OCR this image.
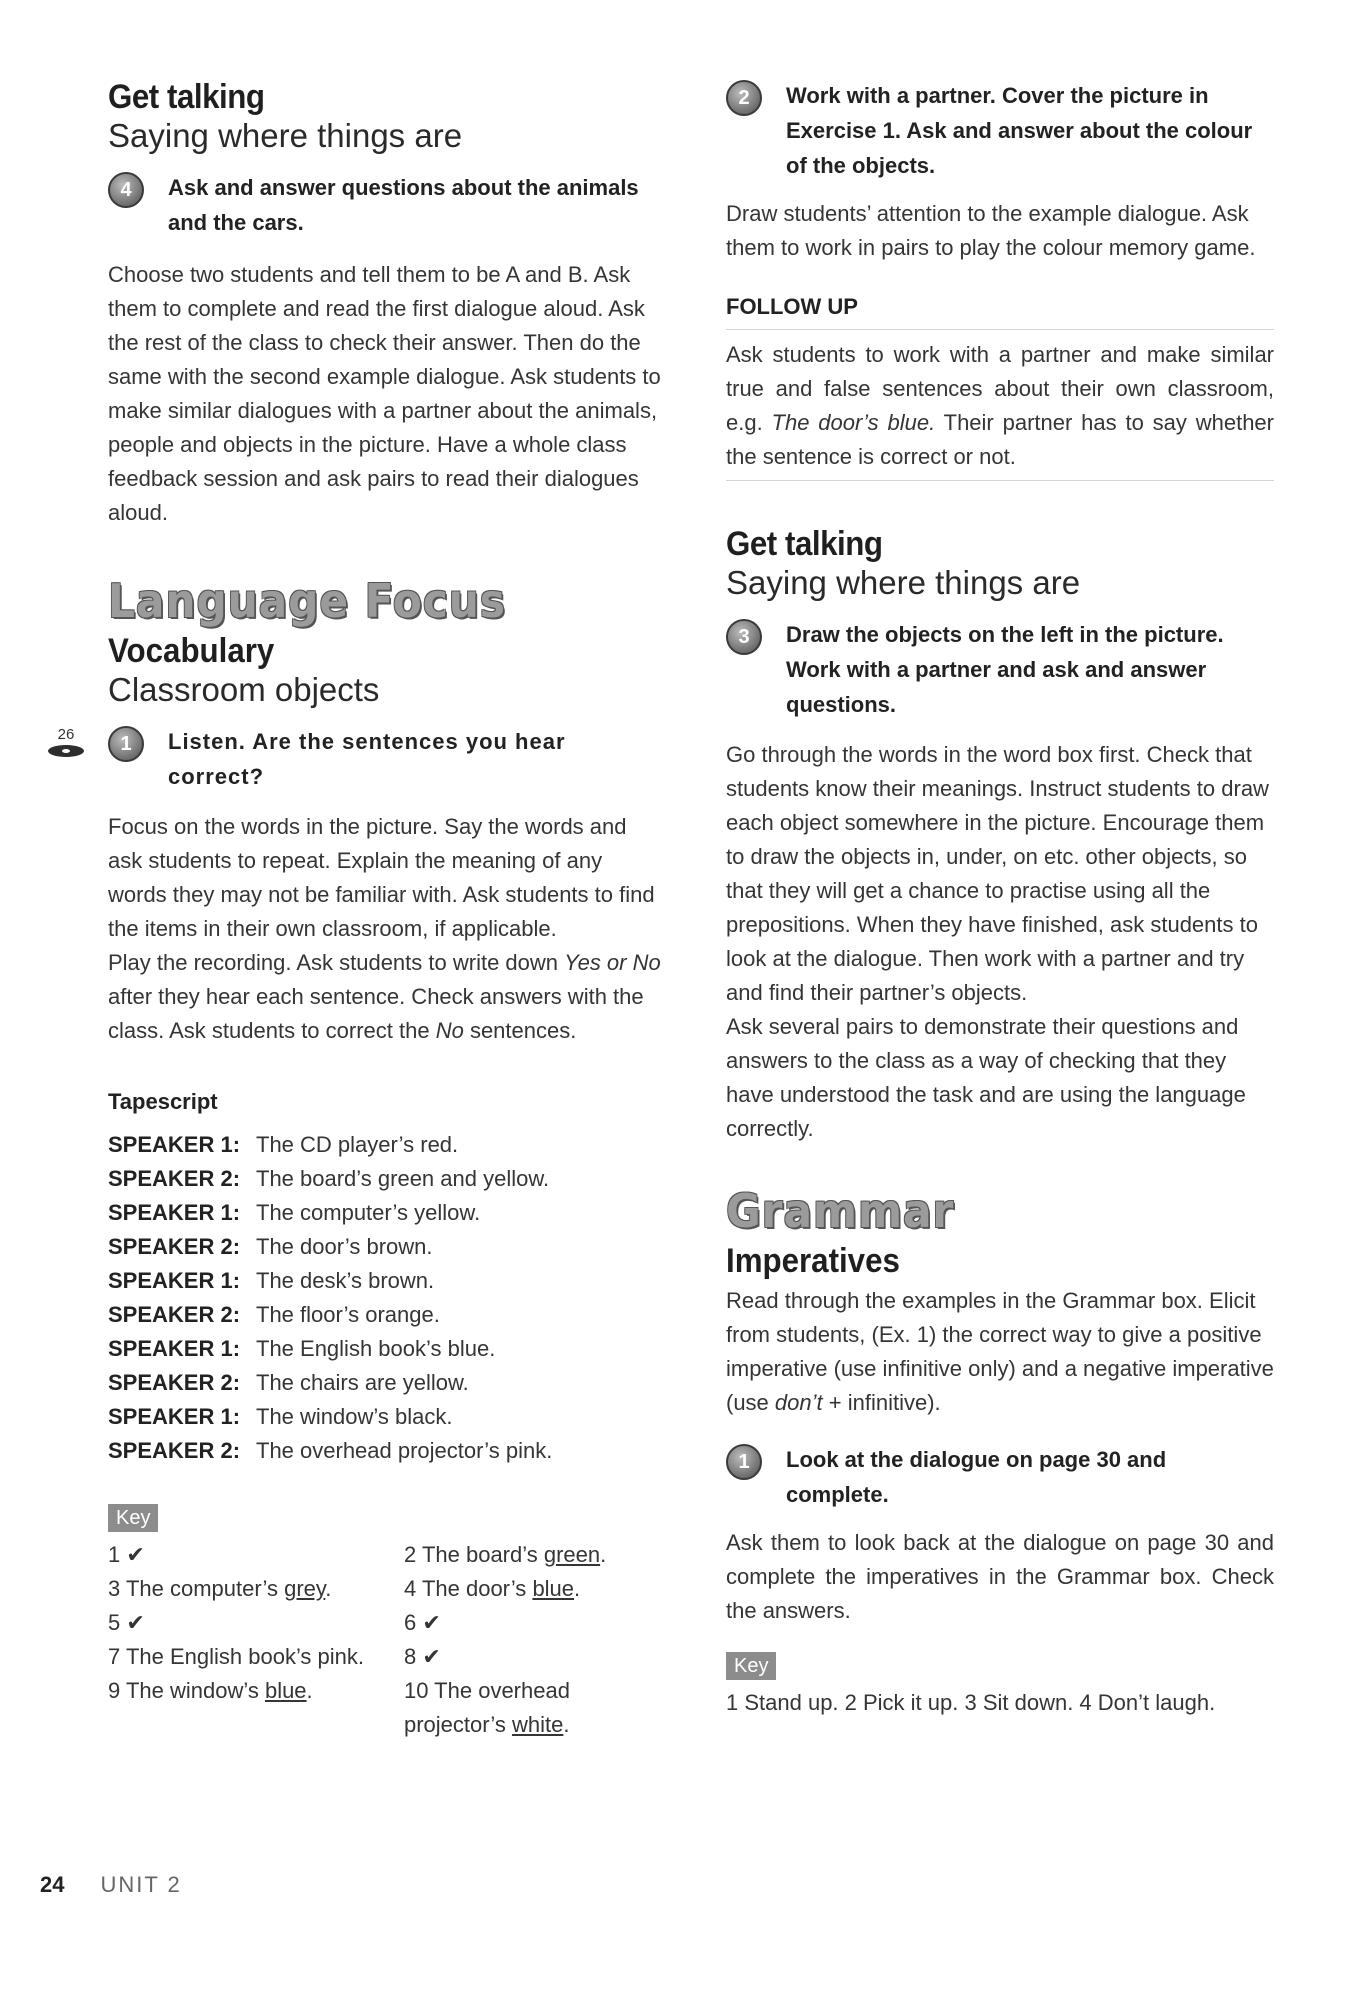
Get talking
Saying where things are
4	Ask and answer questions about the animals and the cars.
Choose two students and tell them to be A and B. Ask them to complete and read the first dialogue aloud. Ask the rest of the class to check their answer. Then do the same with the second example dialogue. Ask students to make similar dialogues with a partner about the animals, people and objects in the picture. Have a whole class feedback session and ask pairs to read their dialogues aloud.
Language Focus
Vocabulary
Classroom objects
26	1	Listen. Are the sentences you hear correct?

Focus on the words in the picture. Say the words and ask students to repeat. Explain the meaning of any words they may not be familiar with. Ask students to find the items in their own classroom, if applicable.

Play the recording. Ask students to write down Yes or No after they hear each sentence. Check answers with the class. Ask students to correct the No sentences.

Tapescript
SPEAKER 1: The CD player’s red.
SPEAKER 2: The board’s green and yellow.
SPEAKER 1: The computer’s yellow.
SPEAKER 2: The door’s brown.
SPEAKER 1: The desk’s brown.
SPEAKER 2: The floor’s orange.
SPEAKER 1: The English book’s blue.
SPEAKER 2: The chairs are yellow.
SPEAKER 1: The window’s black.
SPEAKER 2: The overhead projector’s pink.
Key
1 ✔	2 The board’s green.
3 The computer’s grey.	4 The door’s blue.
5 ✔	6 ✔
7 The English book’s pink.	8 ✔
9 The window’s blue.	10 The overhead projector’s white.
2	Work with a partner. Cover the picture in Exercise 1. Ask and answer about the colour of the objects.
Draw students’ attention to the example dialogue. Ask them to work in pairs to play the colour memory game.
FOLLOW UP
Ask students to work with a partner and make similar true and false sentences about their own classroom, e.g. The door’s blue. Their partner has to say whether the sentence is correct or not.
Get talking
Saying where things are
3	Draw the objects on the left in the picture. Work with a partner and ask and answer questions.

Go through the words in the word box first. Check that students know their meanings. Instruct students to draw each object somewhere in the picture. Encourage them to draw the objects in, under, on etc. other objects, so that they will get a chance to practise using all the prepositions. When they have finished, ask students to look at the dialogue. Then work with a partner and try and find their partner’s objects.

Ask several pairs to demonstrate their questions and answers to the class as a way of checking that they have understood the task and are using the language correctly.

Grammar
Imperatives
Read through the examples in the Grammar box. Elicit from students, (Ex. 1) the correct way to give a positive imperative (use infinitive only) and a negative imperative (use don’t + infinitive).
1	Look at the dialogue on page 30 and complete.
Ask them to look back at the dialogue on page 30 and complete the imperatives in the Grammar box. Check the answers.
Key
1 Stand up. 2 Pick it up. 3 Sit down. 4 Don’t laugh.
24 UNIT 2
